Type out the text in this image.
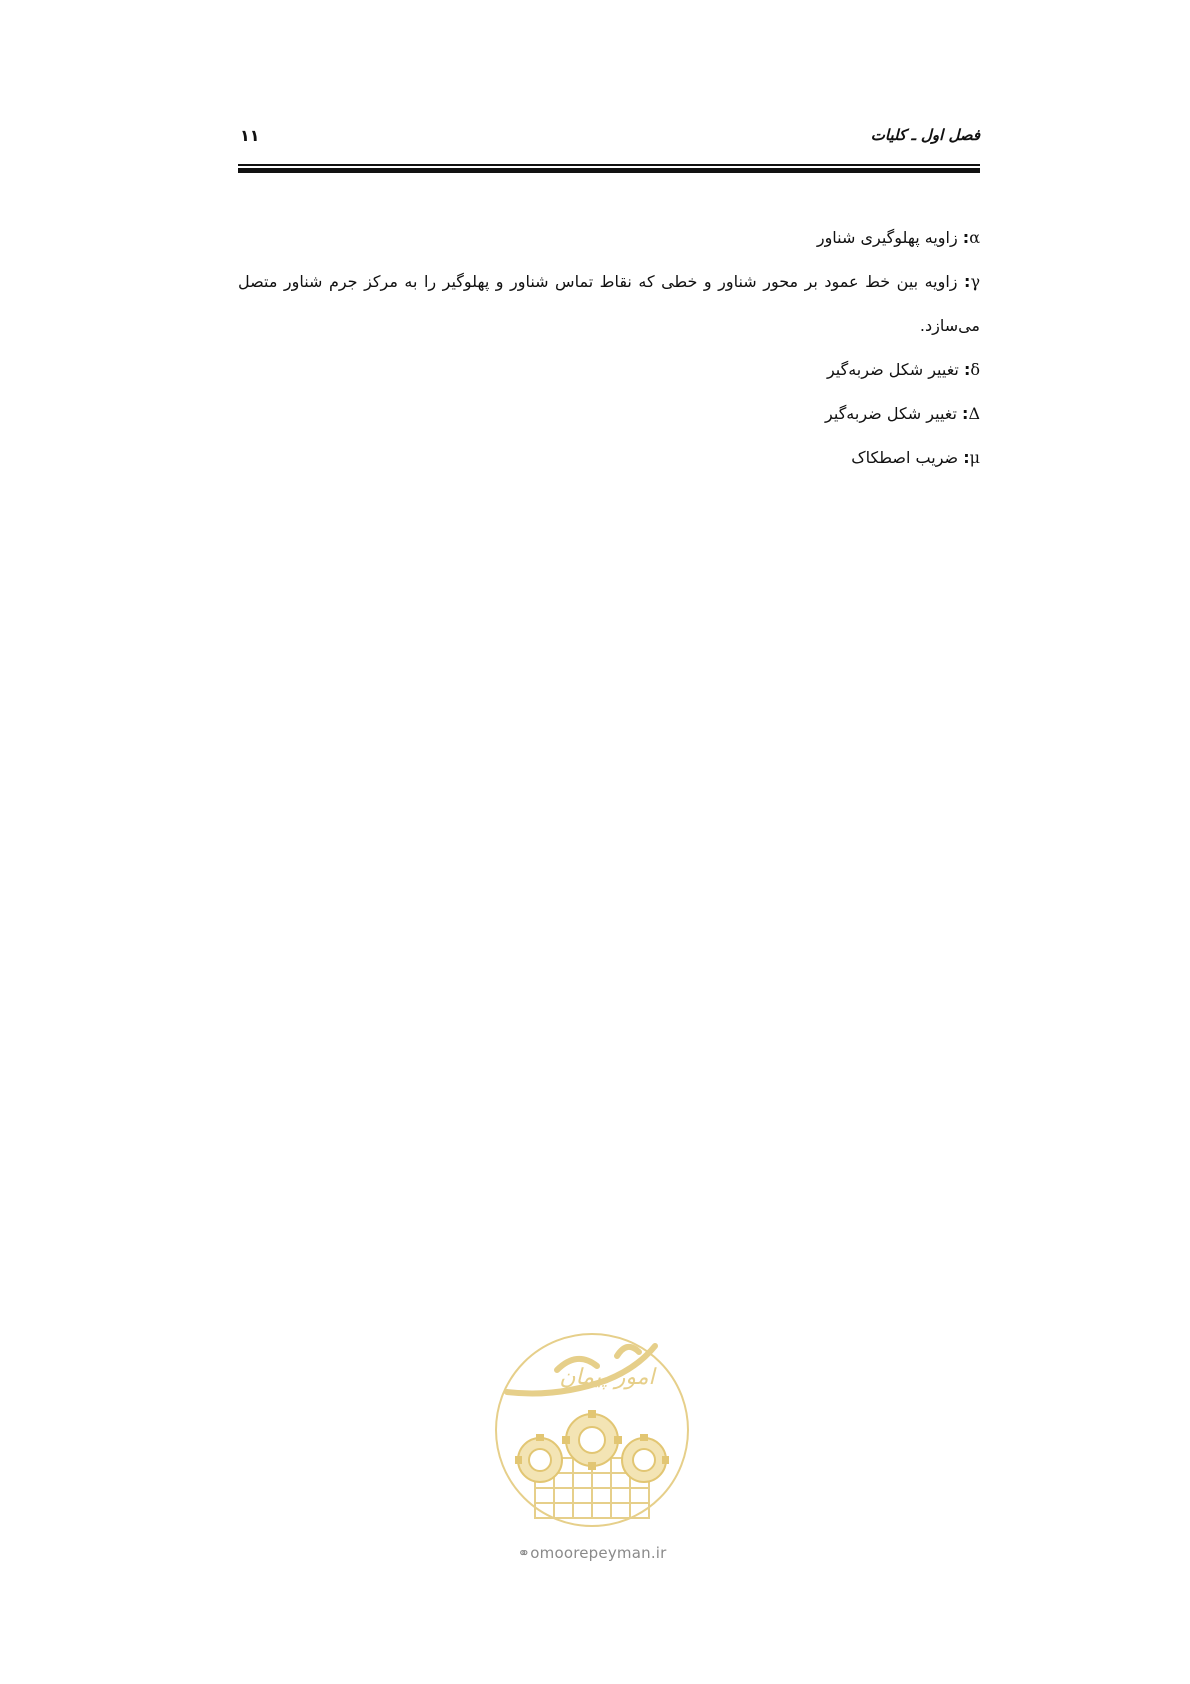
فصل اول ـ کلیات
۱۱

α: زاویه پهلوگیری شناور

γ: زاویه بین خط عمود بر محور شناور و خطی که نقاط تماس شناور و پهلوگیر را به مرکز جرم شناور متصل می‌سازد.

δ: تغییر شکل ضربه‌گیر

Δ: تغییر شکل ضربه‌گیر

μ: ضریب اصطکاک

امور پیمان
⚭omoorepeyman.ir
